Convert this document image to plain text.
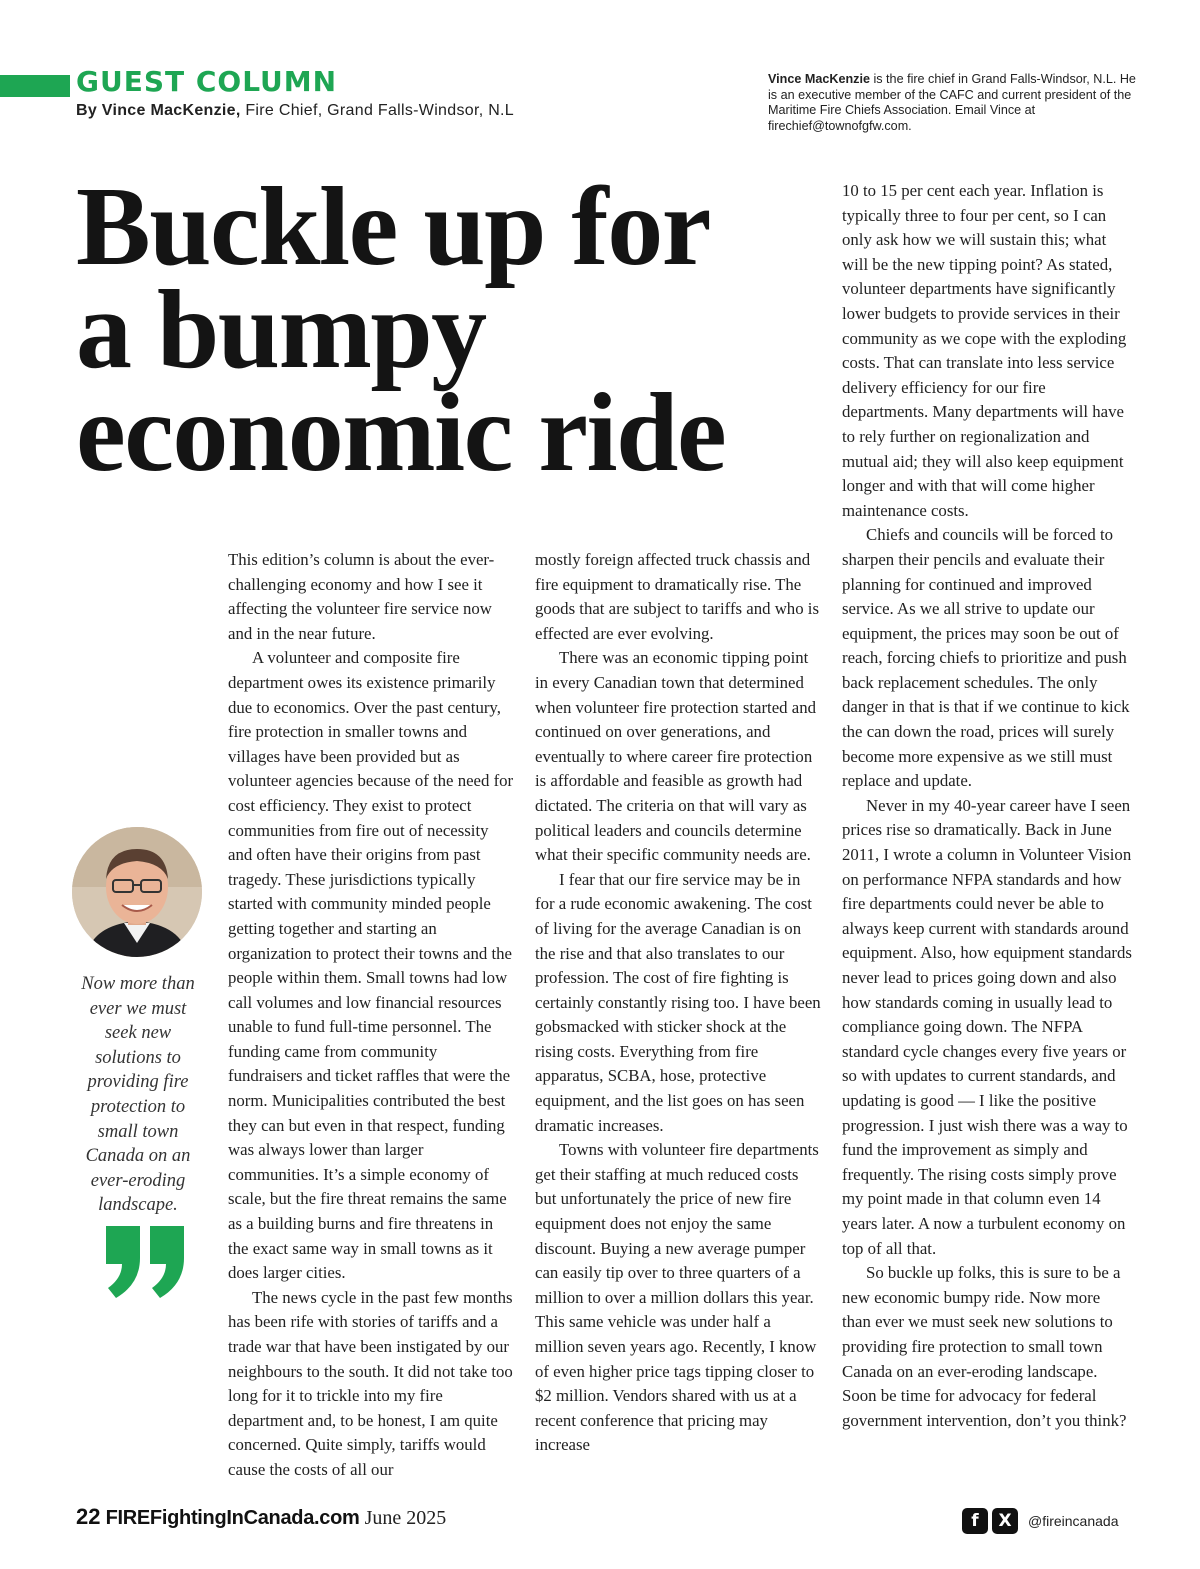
GUEST COLUMN
By Vince MacKenzie, Fire Chief, Grand Falls-Windsor, N.L
Vince MacKenzie is the fire chief in Grand Falls-Windsor, N.L. He is an executive member of the CAFC and current president of the Maritime Fire Chiefs Association. Email Vince at firechief@townofgfw.com.
Buckle up for
a bumpy
economic ride
Now more than ever we must seek new solutions to providing fire protection to small town Canada on an ever-eroding landscape.

This edition’s column is about the ever-challenging economy and how I see it affecting the volunteer fire service now and in the near future.

A volunteer and composite fire department owes its existence primarily due to economics. Over the past century, fire protection in smaller towns and villages have been provided but as volunteer agencies because of the need for cost efficiency. They exist to protect communities from fire out of necessity and often have their origins from past tragedy. These jurisdictions typically started with community minded people getting together and starting an organization to protect their towns and the people within them. Small towns had low call volumes and low financial resources unable to fund full-time personnel. The funding came from community fundraisers and ticket raffles that were the norm. Municipalities contributed the best they can but even in that respect, funding was always lower than larger communities. It’s a simple economy of scale, but the fire threat remains the same as a building burns and fire threatens in the exact same way in small towns as it does larger cities.

The news cycle in the past few months has been rife with stories of tariffs and a trade war that have been instigated by our neighbours to the south. It did not take too long for it to trickle into my fire department and, to be honest, I am quite concerned. Quite simply, tariffs would cause the costs of all our

mostly foreign affected truck chassis and fire equipment to dramatically rise. The goods that are subject to tariffs and who is effected are ever evolving.

There was an economic tipping point in every Canadian town that determined when volunteer fire protection started and continued on over generations, and eventually to where career fire protection is affordable and feasible as growth had dictated. The criteria on that will vary as political leaders and councils determine what their specific community needs are.

I fear that our fire service may be in for a rude economic awakening. The cost of living for the average Canadian is on the rise and that also translates to our profession. The cost of fire fighting is certainly constantly rising too. I have been gobsmacked with sticker shock at the rising costs. Everything from fire apparatus, SCBA, hose, protective equipment, and the list goes on has seen dramatic increases.

Towns with volunteer fire departments get their staffing at much reduced costs but unfortunately the price of new fire equipment does not enjoy the same discount. Buying a new average pumper can easily tip over to three quarters of a million to over a million dollars this year. This same vehicle was under half a million seven years ago. Recently, I know of even higher price tags tipping closer to $2 million. Vendors shared with us at a recent conference that pricing may increase

10 to 15 per cent each year. Inflation is typically three to four per cent, so I can only ask how we will sustain this; what will be the new tipping point? As stated, volunteer departments have significantly lower budgets to provide services in their community as we cope with the exploding costs. That can translate into less service delivery efficiency for our fire departments. Many departments will have to rely further on regionalization and mutual aid; they will also keep equipment longer and with that will come higher maintenance costs.

Chiefs and councils will be forced to sharpen their pencils and evaluate their planning for continued and improved service. As we all strive to update our equipment, the prices may soon be out of reach, forcing chiefs to prioritize and push back replacement schedules. The only danger in that is that if we continue to kick the can down the road, prices will surely become more expensive as we still must replace and update.

Never in my 40-year career have I seen prices rise so dramatically. Back in June 2011, I wrote a column in Volunteer Vision on performance NFPA standards and how fire departments could never be able to always keep current with standards around equipment. Also, how equipment standards never lead to prices going down and also how standards coming in usually lead to compliance going down. The NFPA standard cycle changes every five years or so with updates to current standards, and updating is good — I like the positive progression. I just wish there was a way to fund the improvement as simply and frequently. The rising costs simply prove my point made in that column even 14 years later. A now a turbulent economy on top of all that.

So buckle up folks, this is sure to be a new economic bumpy ride. Now more than ever we must seek new solutions to providing fire protection to small town Canada on an ever-eroding landscape. Soon be time for advocacy for federal government intervention, don’t you think?

22 FIREFightingInCanada.com June 2025	f	X	@fireincanada
